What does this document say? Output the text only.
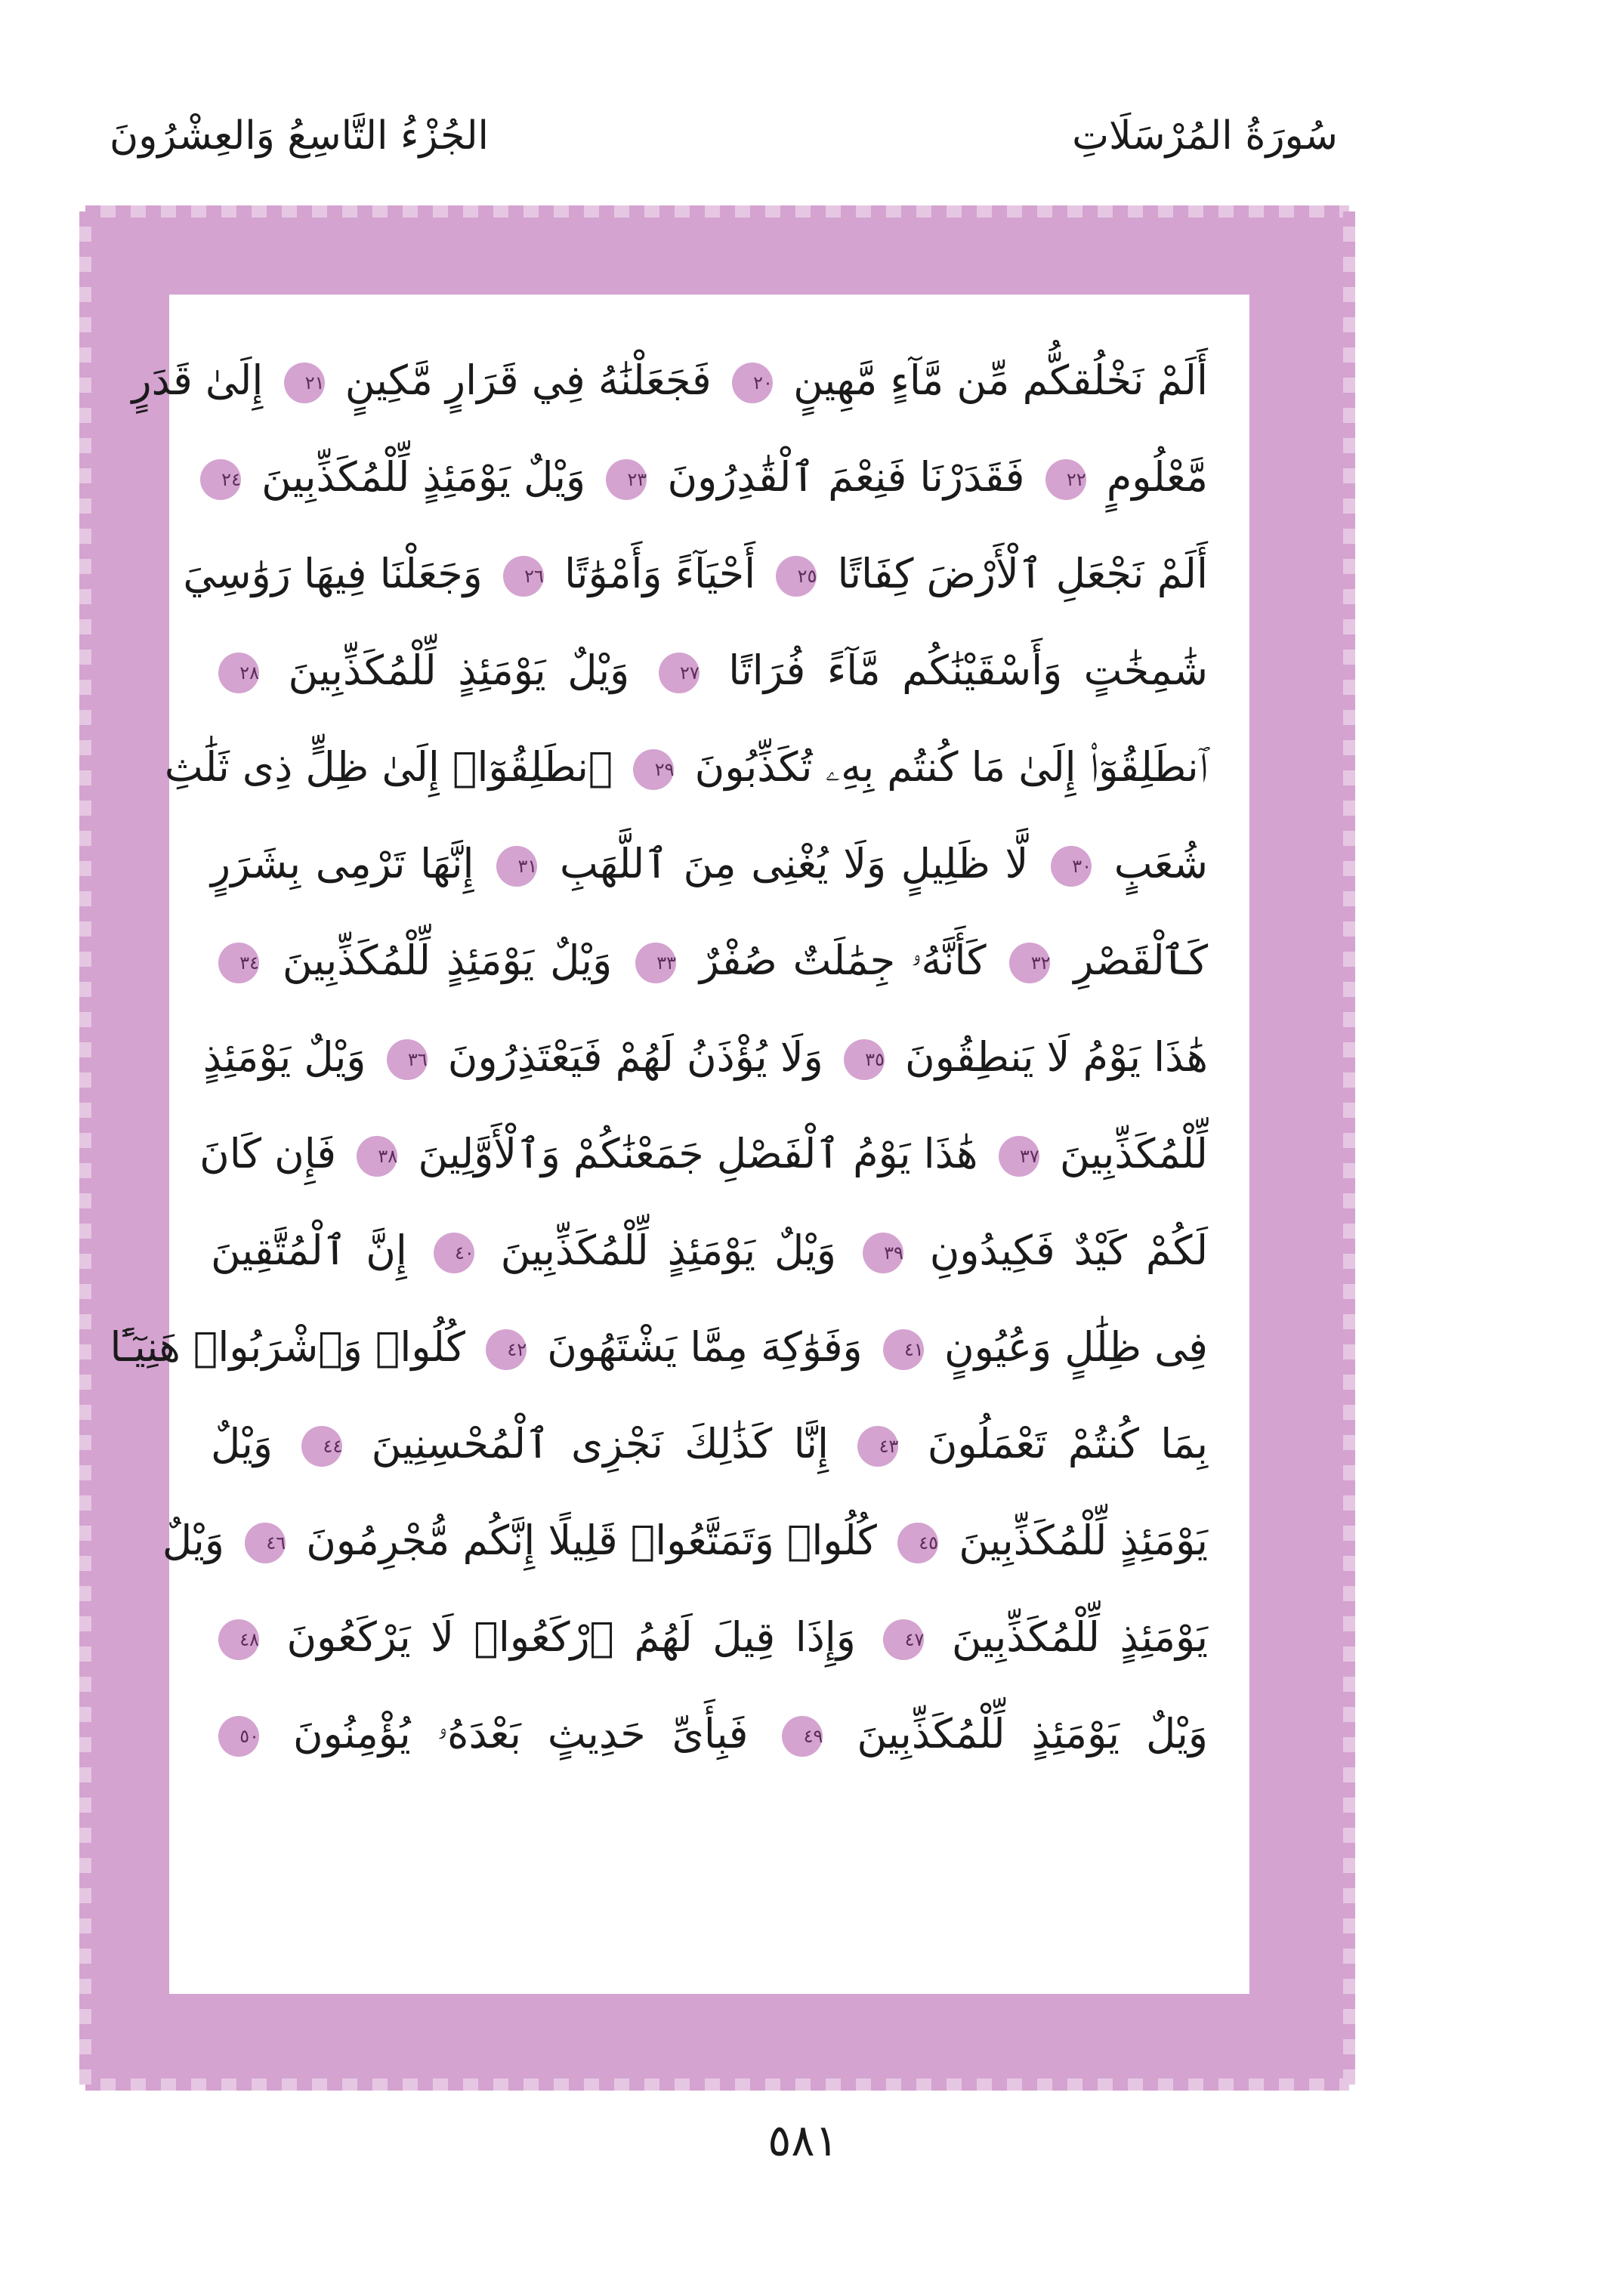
الجُزْءُ التَّاسِعُ وَالعِشْرُونَ	سُورَةُ المُرْسَلَاتِ
أَلَمْ نَخْلُقكُّم مِّن مَّآءٍ مَّهِينٍ ٢٠ فَجَعَلْنَٰهُ فِي قَرَارٍ مَّكِينٍ ٢١ إِلَىٰ قَدَرٍ
مَّعْلُومٍ ٢٢ فَقَدَرْنَا فَنِعْمَ ٱلْقَٰدِرُونَ ٢٣ وَيْلٌ يَوْمَئِذٍ لِّلْمُكَذِّبِينَ ٢٤
أَلَمْ نَجْعَلِ ٱلْأَرْضَ كِفَاتًا ٢٥ أَحْيَآءً وَأَمْوَٰتًا ٢٦ وَجَعَلْنَا فِيهَا رَوَٰسِيَ
شَٰمِخَٰتٍ وَأَسْقَيْنَٰكُم مَّآءً فُرَاتًا ٢٧ وَيْلٌ يَوْمَئِذٍ لِّلْمُكَذِّبِينَ ٢٨
ٱنطَلِقُوٓا۟ إِلَىٰ مَا كُنتُم بِهِۦ تُكَذِّبُونَ ٢٩ ٱنطَلِقُوٓا۟ إِلَىٰ ظِلٍّ ذِى ثَلَٰثِ
شُعَبٍ ٣٠ لَّا ظَلِيلٍ وَلَا يُغْنِى مِنَ ٱللَّهَبِ ٣١ إِنَّهَا تَرْمِى بِشَرَرٍ
كَٱلْقَصْرِ ٣٢ كَأَنَّهُۥ جِمَٰلَتٌ صُفْرٌ ٣٣ وَيْلٌ يَوْمَئِذٍ لِّلْمُكَذِّبِينَ ٣٤
هَٰذَا يَوْمُ لَا يَنطِقُونَ ٣٥ وَلَا يُؤْذَنُ لَهُمْ فَيَعْتَذِرُونَ ٣٦ وَيْلٌ يَوْمَئِذٍ
لِّلْمُكَذِّبِينَ ٣٧ هَٰذَا يَوْمُ ٱلْفَصْلِ جَمَعْنَٰكُمْ وَٱلْأَوَّلِينَ ٣٨ فَإِن كَانَ
لَكُمْ كَيْدٌ فَكِيدُونِ ٣٩ وَيْلٌ يَوْمَئِذٍ لِّلْمُكَذِّبِينَ ٤٠ إِنَّ ٱلْمُتَّقِينَ
فِى ظِلَٰلٍ وَعُيُونٍ ٤١ وَفَوَٰكِهَ مِمَّا يَشْتَهُونَ ٤٢ كُلُوا۟ وَٱشْرَبُوا۟ هَنِيٓـًٔا
بِمَا كُنتُمْ تَعْمَلُونَ ٤٣ إِنَّا كَذَٰلِكَ نَجْزِى ٱلْمُحْسِنِينَ ٤٤ وَيْلٌ
يَوْمَئِذٍ لِّلْمُكَذِّبِينَ ٤٥ كُلُوا۟ وَتَمَتَّعُوا۟ قَلِيلًا إِنَّكُم مُّجْرِمُونَ ٤٦ وَيْلٌ
يَوْمَئِذٍ لِّلْمُكَذِّبِينَ ٤٧ وَإِذَا قِيلَ لَهُمُ ٱرْكَعُوا۟ لَا يَرْكَعُونَ ٤٨
وَيْلٌ يَوْمَئِذٍ لِّلْمُكَذِّبِينَ ٤٩ فَبِأَىِّ حَدِيثٍ بَعْدَهُۥ يُؤْمِنُونَ ٥٠
٥٨١
